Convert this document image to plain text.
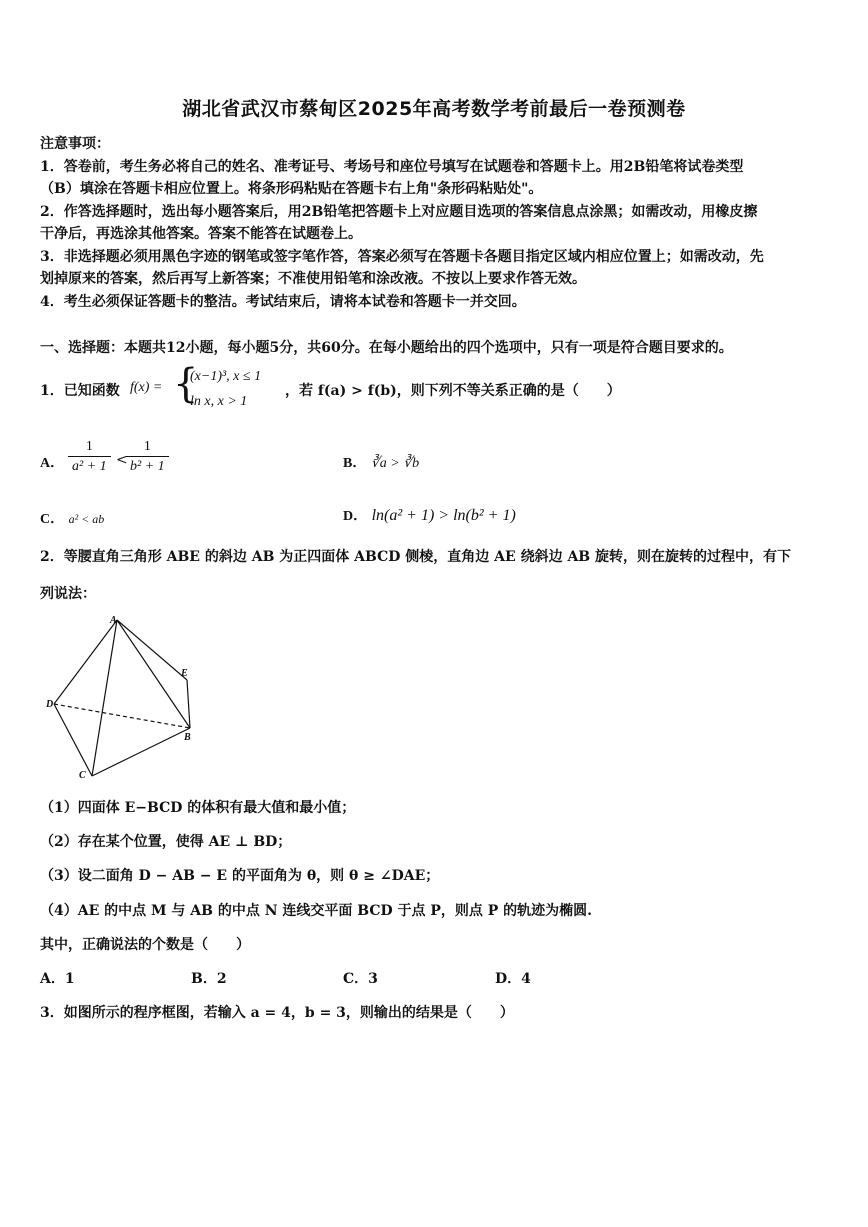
湖北省武汉市蔡甸区2025年高考数学考前最后一卷预测卷
注意事项：
1．答卷前，考生务必将自己的姓名、准考证号、考场号和座位号填写在试题卷和答题卡上。用2B铅笔将试卷类型
（B）填涂在答题卡相应位置上。将条形码粘贴在答题卡右上角"条形码粘贴处"。
2．作答选择题时，选出每小题答案后，用2B铅笔把答题卡上对应题目选项的答案信息点涂黑；如需改动，用橡皮擦
干净后，再选涂其他答案。答案不能答在试题卷上。
3．非选择题必须用黑色字迹的钢笔或签字笔作答，答案必须写在答题卡各题目指定区域内相应位置上；如需改动，先
划掉原来的答案，然后再写上新答案；不准使用铅笔和涂改液。不按以上要求作答无效。
4．考生必须保证答题卡的整洁。考试结束后，请将本试卷和答题卡一并交回。
一、选择题：本题共12小题，每小题5分，共60分。在每小题给出的四个选项中，只有一项是符合题目要求的。
1．已知函数 f(x) = {
(x−1)³, x ≤ 1
ln x, x > 1
，若 f(a) > f(b)，则下列不等关系正确的是（　　）
A． $\frac{1}{\text{a² + 1}}$ <
$\frac{1}{\text{b² + 1}}$	B． ∛a > ∛b
C． a² < ab	D． ln(a² + 1) > ln(b² + 1)
2．等腰直角三角形 ABE 的斜边 AB 为正四面体 ABCD 侧棱，直角边 AE 绕斜边 AB 旋转，则在旋转的过程中，有下
列说法：
A
B
C
D
E
（1）四面体 E−BCD 的体积有最大值和最小值；
（2）存在某个位置，使得 AE ⊥ BD；
（3）设二面角 D − AB − E 的平面角为 θ，则 θ ≥ ∠DAE；
（4）AE 的中点 M 与 AB 的中点 N 连线交平面 BCD 于点 P，则点 P 的轨迹为椭圆.
其中，正确说法的个数是（　　）
A．1	B．2	C．3	D．4
3．如图所示的程序框图，若输入 a = 4，b = 3，则输出的结果是（　　）
